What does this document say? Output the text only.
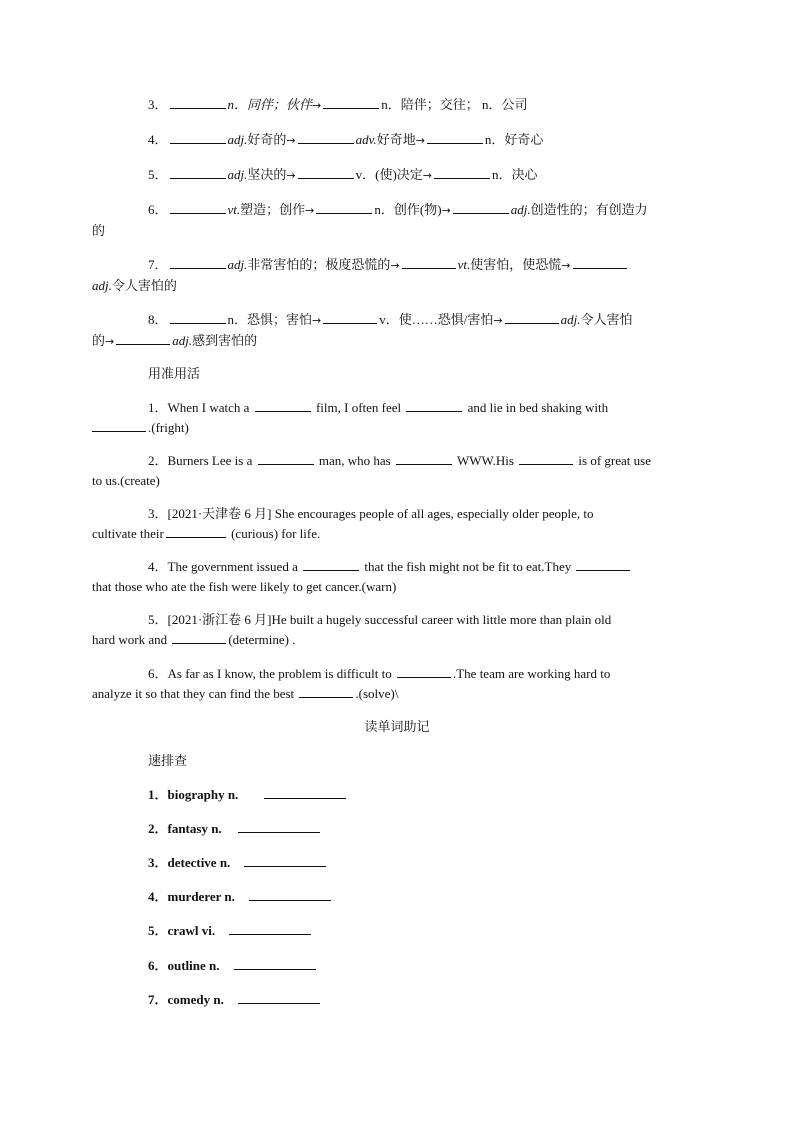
3．	n．同伴；伙伴→	n．陪伴；交往； n．公司
4．	adj.好奇的→	adv.好奇地→	n．好奇心
5．	adj.坚决的→	v．(使)决定→	n．决心
6．	vt.塑造；创作→	n．创作(物)→	adj.创造性的；有创造力
的
7．	adj.非常害怕的；极度恐慌的→	vt.使害怕，使恐慌→
adj.令人害怕的
8．	n．恐惧；害怕→	v．使……恐惧/害怕→	adj.令人害怕
的→	adj.感到害怕的
用准用活
1．When I watch a	film, I often feel	and lie in bed shaking with
.(fright)
2．Burners Lee is a	man, who has	WWW.His	is of great use
to us.(create)
3．[2021·天津卷 6 月] She encourages people of all ages, especially older people, to
cultivate their	(curious) for life.
4．The government issued a	that the fish might not be fit to eat.They
that those who ate the fish were likely to get cancer.(warn)
5．[2021·浙江卷 6 月]He built a hugely successful career with little more than plain old
hard work and	(determine) .
6．As far as I know, the problem is difficult to	.The team are working hard to
analyze it so that they can find the best	.(solve)\
读单词助记
速排查
1．biography n.
2．fantasy n.
3．detective n.
4．murderer n.
5．crawl vi.
6．outline n.
7．comedy n.
